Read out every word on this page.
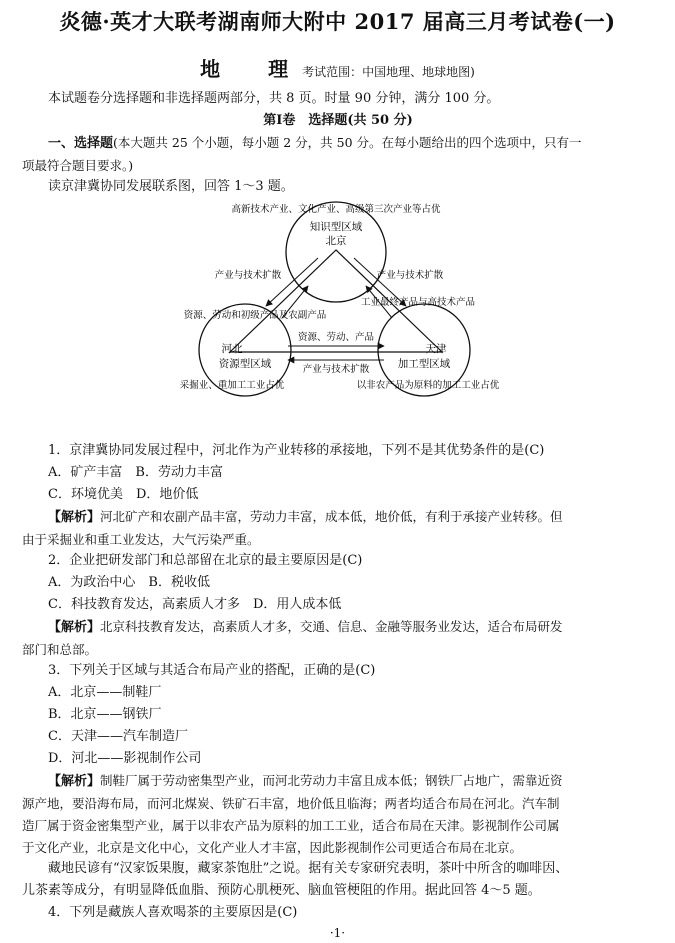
炎德·英才大联考湖南师大附中 2017 届高三月考试卷(一)
地　理考试范围：中国地理、地球地图)
本试题卷分选择题和非选择题两部分，共 8 页。时量 90 分钟，满分 100 分。
第Ⅰ卷　选择题(共 50 分)
一、选择题(本大题共 25 个小题，每小题 2 分，共 50 分。在每小题给出的四个选项中，只有一
项最符合题目要求。)
读京津冀协同发展联系图，回答 1～3 题。
高新技术产业、文化产业、高级第三次产业等占优
知识型区域
北京
产业与技术扩散	产业与技术扩散
工业最终产品与高技术产品
资源、劳动和初级产品及农副产品
资源、劳动、产品
产业与技术扩散
河北
资源型区域
天津
加工型区域
采掘业、重加工工业占优	以非农产品为原料的加工工业占优
1．京津冀协同发展过程中，河北作为产业转移的承接地，下列不是其优势条件的是(C)
A．矿产丰富　B．劳动力丰富
C．环境优美　D．地价低
【解析】河北矿产和农副产品丰富，劳动力丰富，成本低，地价低，有利于承接产业转移。但
由于采掘业和重工业发达，大气污染严重。
2．企业把研发部门和总部留在北京的最主要原因是(C)
A．为政治中心　B．税收低
C．科技教育发达，高素质人才多　D．用人成本低
【解析】北京科技教育发达，高素质人才多，交通、信息、金融等服务业发达，适合布局研发
部门和总部。
3．下列关于区域与其适合布局产业的搭配，正确的是(C)
A．北京——制鞋厂
B．北京——钢铁厂
C．天津——汽车制造厂
D．河北——影视制作公司
【解析】制鞋厂属于劳动密集型产业，而河北劳动力丰富且成本低；钢铁厂占地广，需靠近资
源产地，要沿海布局，而河北煤炭、铁矿石丰富，地价低且临海；两者均适合布局在河北。汽车制
造厂属于资金密集型产业，属于以非农产品为原料的加工工业，适合布局在天津。影视制作公司属
于文化产业，北京是文化中心，文化产业人才丰富，因此影视制作公司更适合布局在北京。
藏地民谚有“汉家饭果腹，藏家茶饱肚”之说。据有关专家研究表明，茶叶中所含的咖啡因、
儿茶素等成分，有明显降低血脂、预防心肌梗死、脑血管梗阻的作用。据此回答 4～5 题。
4．下列是藏族人喜欢喝茶的主要原因是(C)
·1·
